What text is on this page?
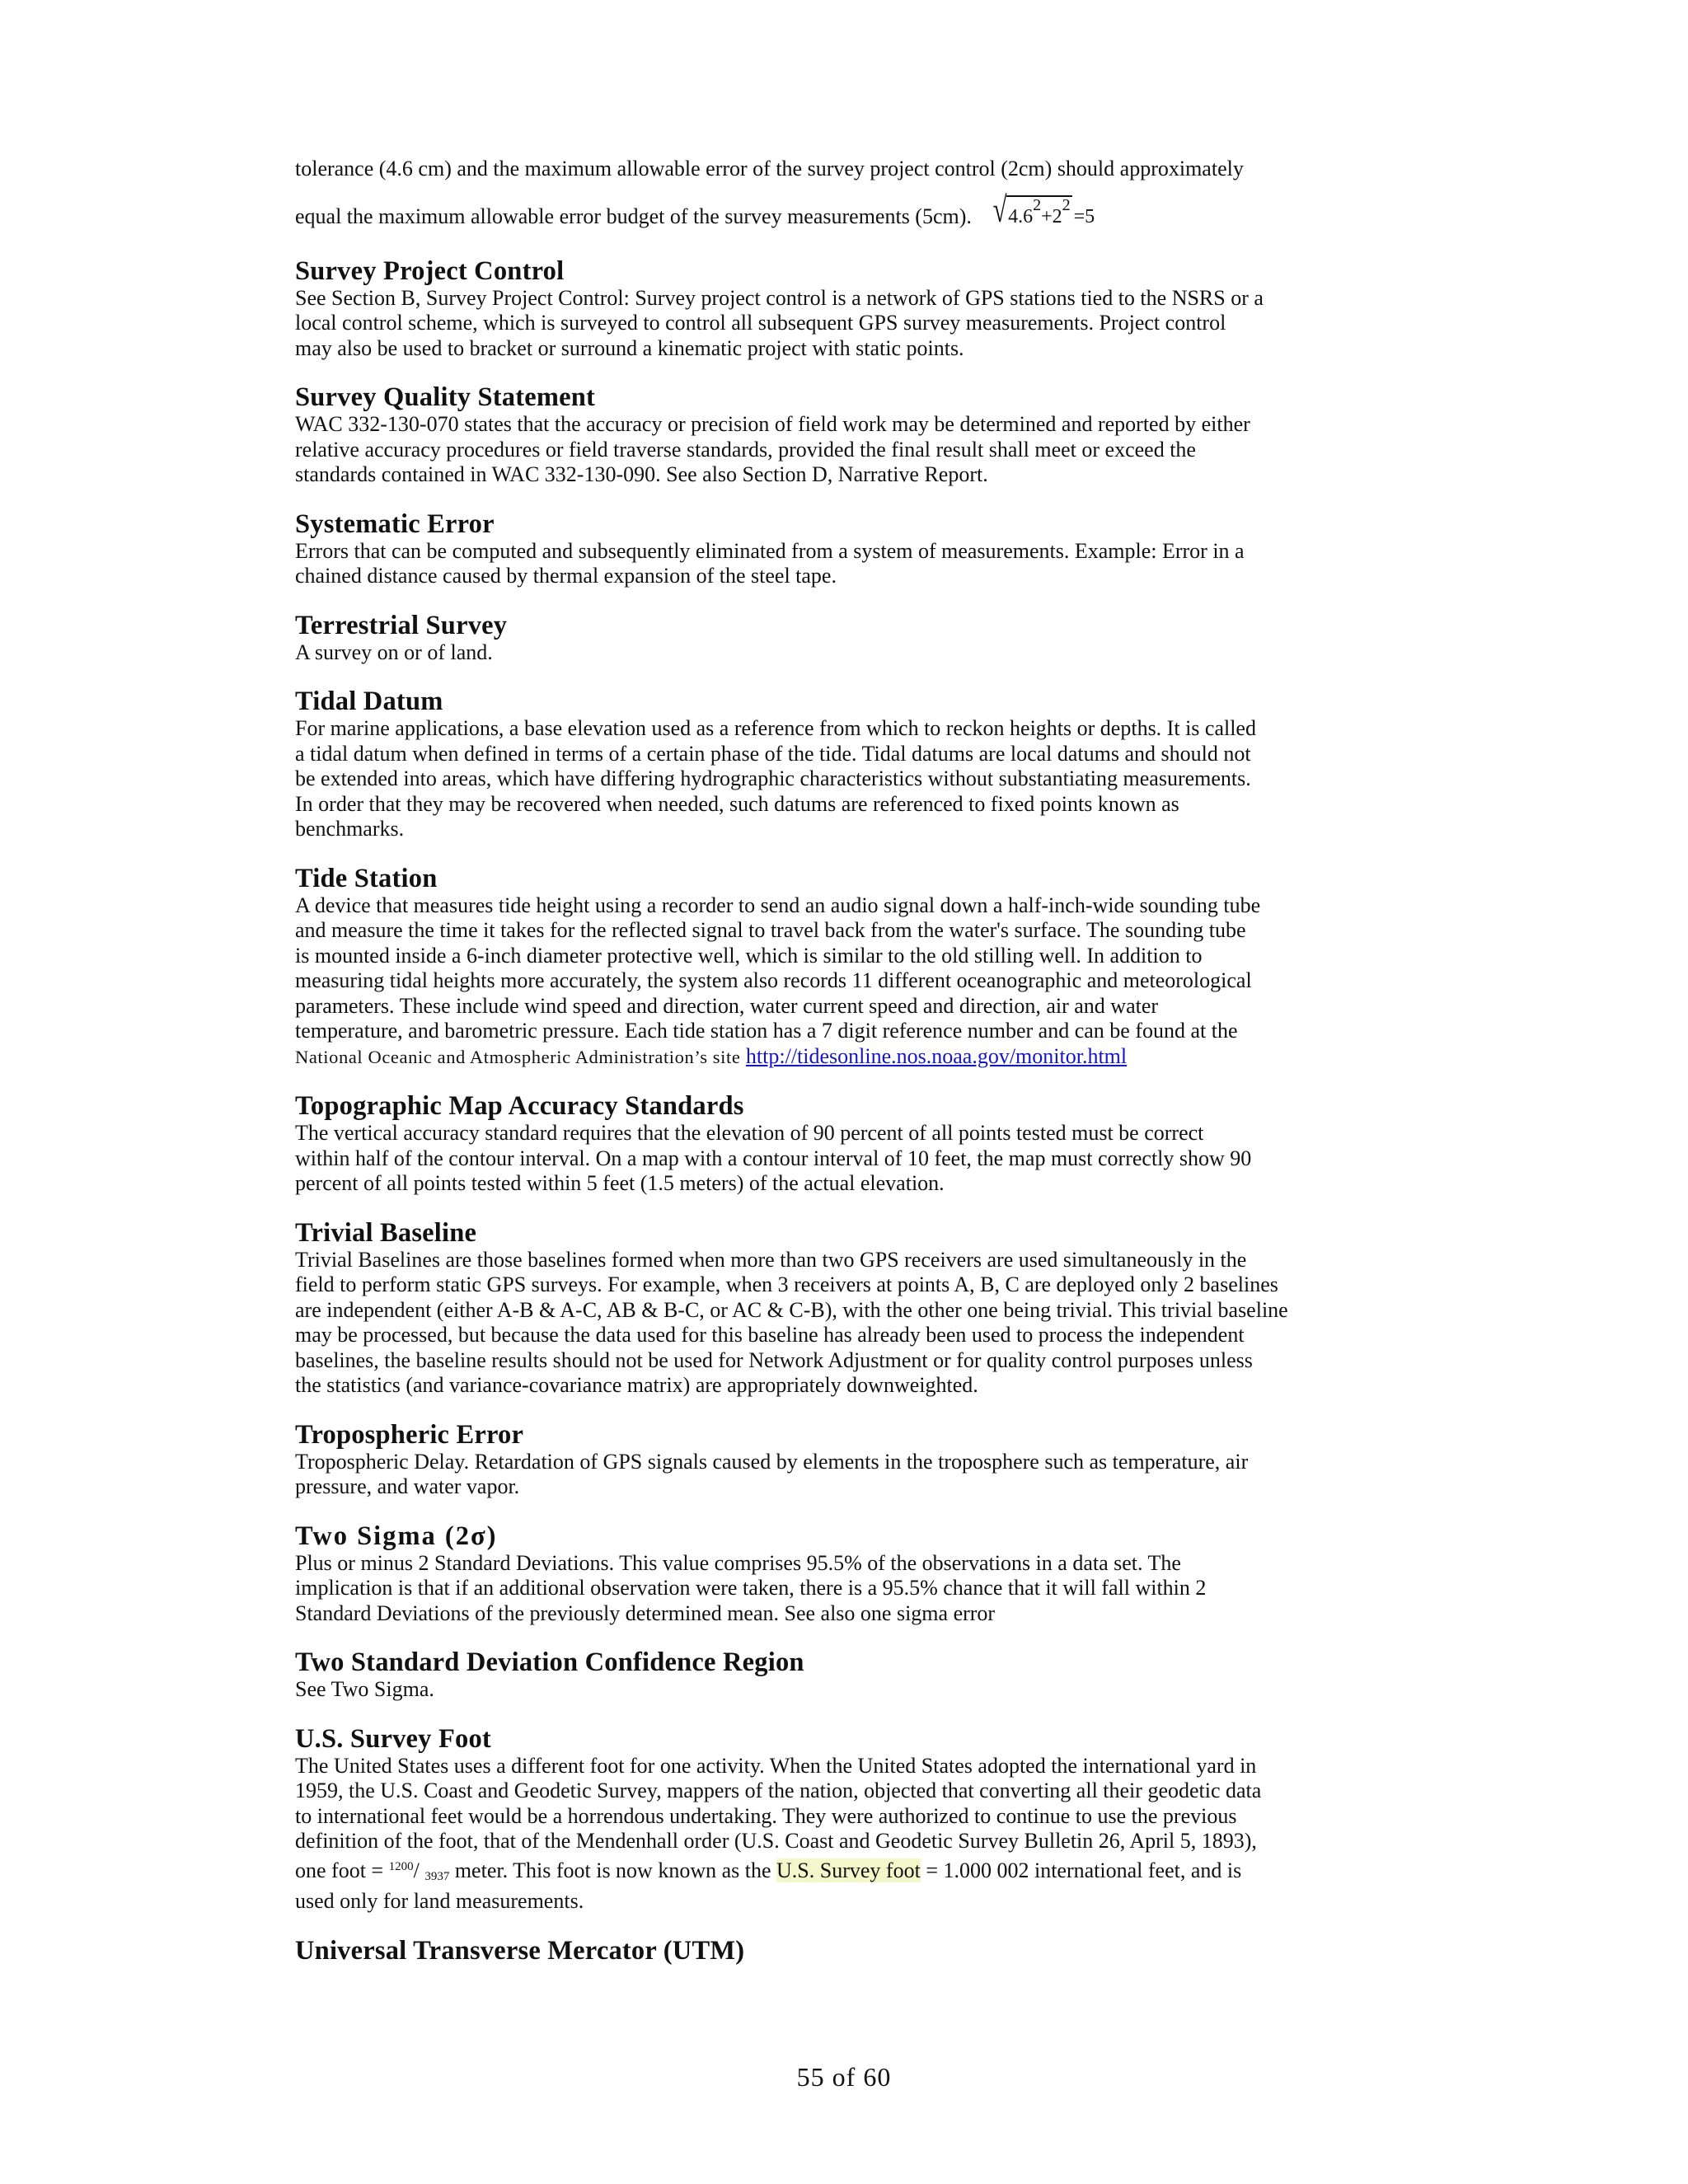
tolerance (4.6 cm) and the maximum allowable error of the survey project control (2cm) should approximately

equal the maximum allowable error budget of the survey measurements (5cm). √ $4.6^2+2^2$
=5
Survey Project Control

See Section B, Survey Project Control: Survey project control is a network of GPS stations tied to the NSRS or a

local control scheme, which is surveyed to control all subsequent GPS survey measurements. Project control

may also be used to bracket or surround a kinematic project with static points.

Survey Quality Statement

WAC 332-130-070 states that the accuracy or precision of field work may be determined and reported by either

relative accuracy procedures or field traverse standards, provided the final result shall meet or exceed the

standards contained in WAC 332-130-090. See also Section D, Narrative Report.

Systematic Error

Errors that can be computed and subsequently eliminated from a system of measurements. Example: Error in a

chained distance caused by thermal expansion of the steel tape.

Terrestrial Survey

A survey on or of land.

Tidal Datum

For marine applications, a base elevation used as a reference from which to reckon heights or depths. It is called

a tidal datum when defined in terms of a certain phase of the tide. Tidal datums are local datums and should not

be extended into areas, which have differing hydrographic characteristics without substantiating measurements.

In order that they may be recovered when needed, such datums are referenced to fixed points known as

benchmarks.

Tide Station

A device that measures tide height using a recorder to send an audio signal down a half-inch-wide sounding tube

and measure the time it takes for the reflected signal to travel back from the water's surface. The sounding tube

is mounted inside a 6-inch diameter protective well, which is similar to the old stilling well. In addition to

measuring tidal heights more accurately, the system also records 11 different oceanographic and meteorological

parameters. These include wind speed and direction, water current speed and direction, air and water

temperature, and barometric pressure. Each tide station has a 7 digit reference number and can be found at the

National Oceanic and Atmospheric Administration’s site http://tidesonline.nos.noaa.gov/monitor.html

Topographic Map Accuracy Standards

The vertical accuracy standard requires that the elevation of 90 percent of all points tested must be correct

within half of the contour interval. On a map with a contour interval of 10 feet, the map must correctly show 90

percent of all points tested within 5 feet (1.5 meters) of the actual elevation.

Trivial Baseline

Trivial Baselines are those baselines formed when more than two GPS receivers are used simultaneously in the

field to perform static GPS surveys. For example, when 3 receivers at points A, B, C are deployed only 2 baselines

are independent (either A-B & A-C, AB & B-C, or AC & C-B), with the other one being trivial. This trivial baseline

may be processed, but because the data used for this baseline has already been used to process the independent

baselines, the baseline results should not be used for Network Adjustment or for quality control purposes unless

the statistics (and variance-covariance matrix) are appropriately downweighted.

Tropospheric Error

Tropospheric Delay. Retardation of GPS signals caused by elements in the troposphere such as temperature, air

pressure, and water vapor.

Two Sigma (2σ)

Plus or minus 2 Standard Deviations. This value comprises 95.5% of the observations in a data set. The

implication is that if an additional observation were taken, there is a 95.5% chance that it will fall within 2

Standard Deviations of the previously determined mean. See also one sigma error

Two Standard Deviation Confidence Region

See Two Sigma.

U.S. Survey Foot

The United States uses a different foot for one activity. When the United States adopted the international yard in

1959, the U.S. Coast and Geodetic Survey, mappers of the nation, objected that converting all their geodetic data

to international feet would be a horrendous undertaking. They were authorized to continue to use the previous

definition of the foot, that of the Mendenhall order (U.S. Coast and Geodetic Survey Bulletin 26, April 5, 1893),

one foot = $^{1200}$/ 3937 meter. This foot is now known as the U.S. Survey foot = 1.000 002 international feet, and is

used only for land measurements.

Universal Transverse Mercator (UTM)
55 of 60
